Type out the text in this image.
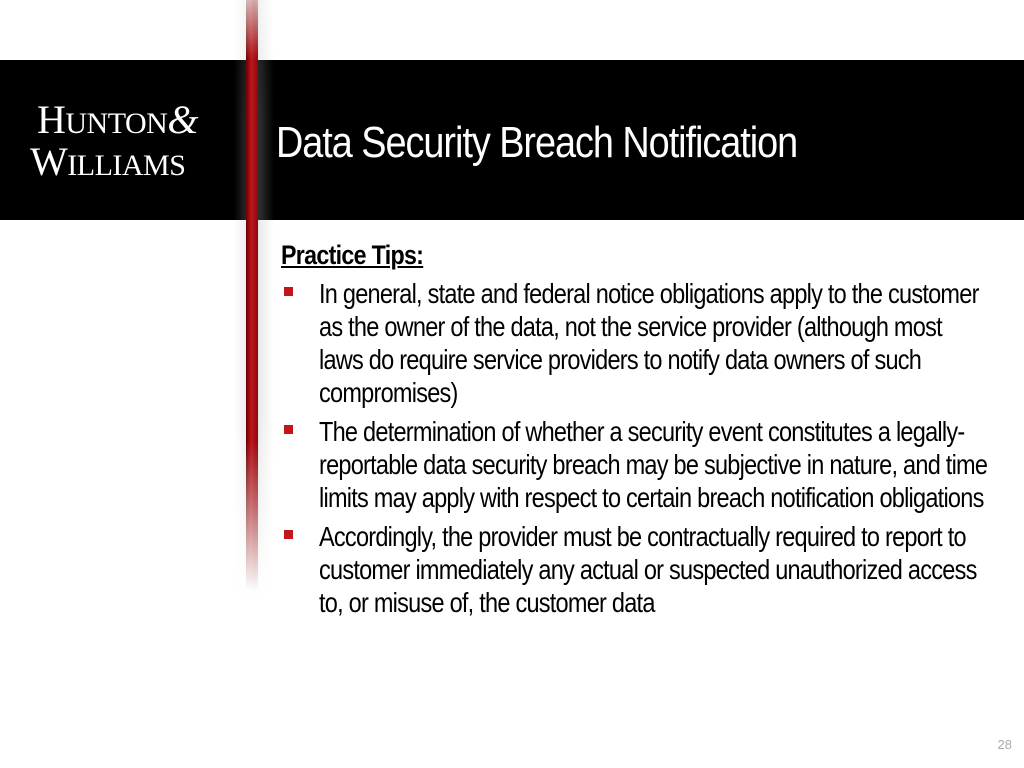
HUNTON&
WILLIAMS	Data Security Breach Notification
Practice Tips:
In general, state and federal notice obligations apply to the customer as the owner of the data, not the service provider (although most laws do require service providers to notify data owners of such compromises)
The determination of whether a security event constitutes a legally-reportable data security breach may be subjective in nature, and time limits may apply with respect to certain breach notification obligations
Accordingly, the provider must be contractually required to report to customer immediately any actual or suspected unauthorized access to, or misuse of, the customer data
28
